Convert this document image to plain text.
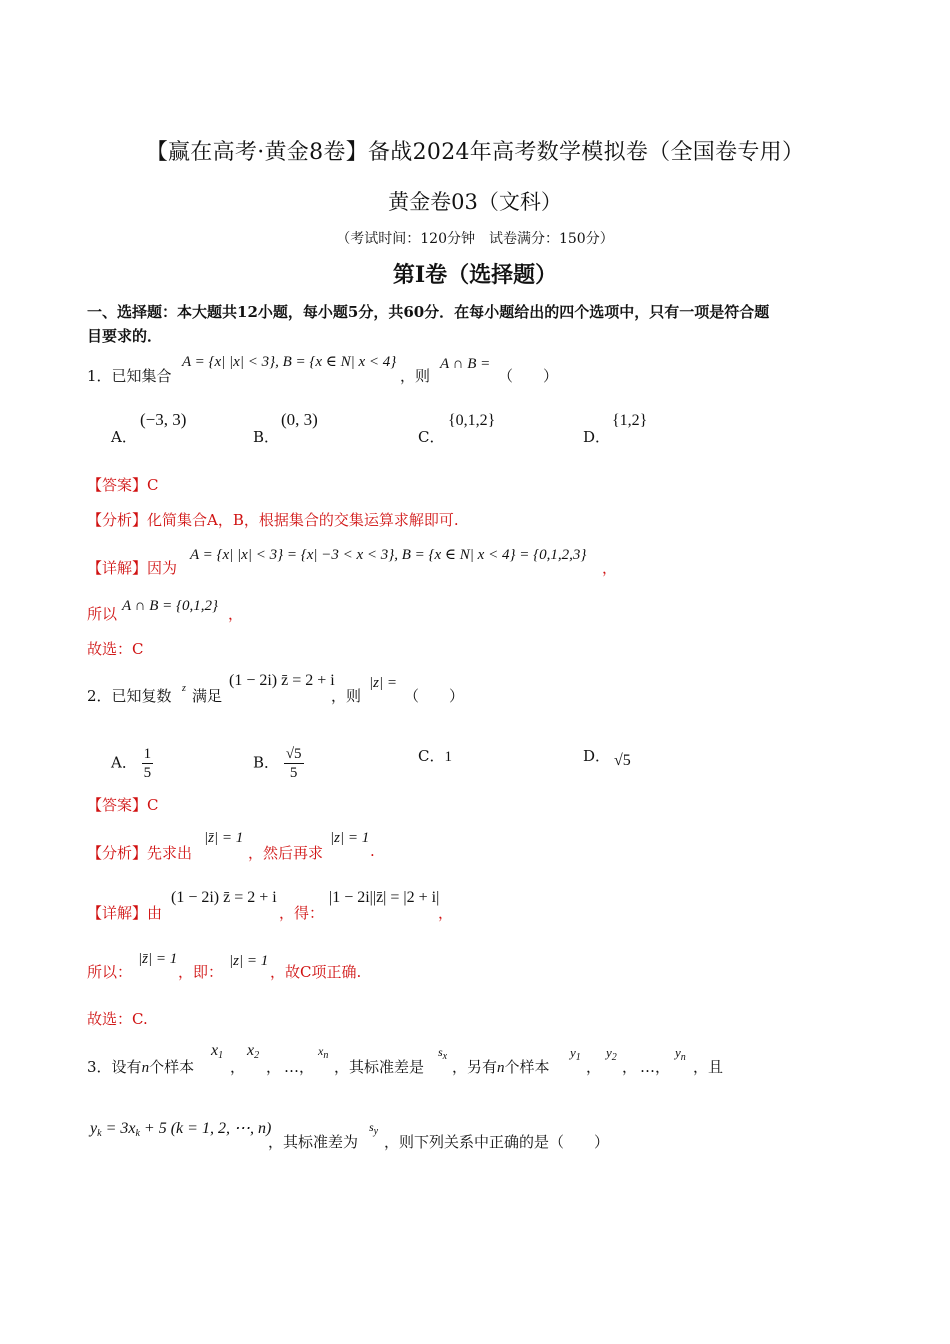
【赢在高考·黄金8卷】备战2024年高考数学模拟卷（全国卷专用）
黄金卷03（文科）
（考试时间：120分钟　试卷满分：150分）
第I卷（选择题）
一、选择题：本大题共12小题，每小题5分，共60分．在每小题给出的四个选项中，只有一项是符合题
目要求的．
1．已知集合
A = {x| |x| < 3}, B = {x ∈ N| x < 4}
，则
A ∩ B =
（　　）
A．
(−3, 3)
B．
(0, 3)
C．
{0,1,2}
D．
{1,2}
【答案】C
【分析】化简集合A，B，根据集合的交集运算求解即可.
【详解】因为
A = {x| |x| < 3} = {x| −3 < x < 3}, B = {x ∈ N| x < 4} = {0,1,2,3}
，
所以 A ∩ B = {0,1,2} ，
故选：C
2．已知复数 z 满足
(1 − 2i) z̄ = 2 + i
，则
|z| =
（　　）
A． $\frac{1}{5}$	B． $\frac{√5}{5}$	C．1	D． √5
【答案】C
【分析】先求出
|z̄| = 1
，然后再求
|z| = 1
.
【详解】由
(1 − 2i) z̄ = 2 + i
，得：
|1 − 2i||z̄| = |2 + i|
，
所以：
|z̄| = 1
，即：
|z| = 1
，故C项正确.
故选：C.
3．设有n个样本
$x_1$
，
$x_2$
， …，
$x_n$
，其标准差是
$s_x$
，另有n个样本
$y_1$
，
$y_2$
， …，
$y_n$
，且
$y_k = 3x_k + 5$ (k = 1, 2, ⋯, n)
，其标准差为
$s_y$
，则下列关系中正确的是（　　）
